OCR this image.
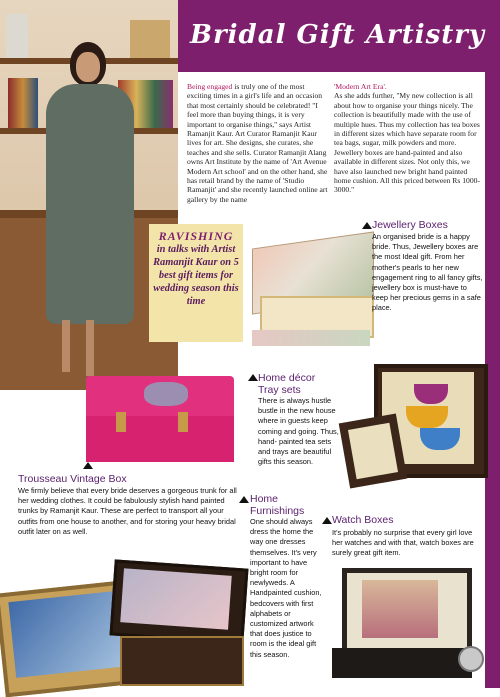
Bridal Gift Artistry
Being engaged is truly one of the most exciting times in a girl's life and an occasion that most certainly should be celebrated! "I feel more than buying things, it is very important to organise things," says Artist Ramanjit Kaur. Art Curator Ramanjit Kaur lives for art. She designs, she curates, she teaches and she sells. Curator Ramanjit Alang owns Art Institute by the name of 'Art Avenue Modern Art school' and on the other hand, she has retail brand by the name of 'Studio Ramanjit' and she recently launched online art gallery by the name
'Modern Art Era'.
As she adds further, "My new collection is all about how to organise your things nicely. The collection is beautifully made with the use of multiple hues. Thus my collection has tea boxes in different sizes which have separate room for tea bags, sugar, milk powders and more. Jewellery boxes are hand-painted and also available in different sizes. Not only this, we have also launched new bright hand painted home cushion. All this priced between Rs 1000- 3000."
RAVISHING
in talks with Artist Ramanjit Kaur on 5 best gift items for wedding season this time
Jewellery Boxes
An organised bride is a happy bride. Thus, Jewellery boxes are the most Ideal gift. From her mother's pearls to her new engagement ring to all fancy gifts, jewellery box is must-have to keep her precious gems in a safe place.
Home décor
Tray sets
There is always hustle bustle in the new house where in guests keep coming and going. Thus, hand- painted tea sets and trays are beautiful gifts this season.
Trousseau Vintage Box
We firmly believe that every bride deserves a gorgeous trunk for all her wedding clothes. It could be fabulously stylish hand painted trunks by Ramanjit Kaur. These are perfect to transport all your outfits from one house to another, and for storing your heavy bridal outfit later on as well.
Home
Furnishings
One should always dress the home the way one dresses themselves. It's very important to have bright room for newlyweds. A Handpainted cushion, bedcovers with first alphabets or customized artwork that does justice to room is the ideal gift this season.
Watch Boxes
It's probably no surprise that every girl love her watches and with that, watch boxes are surely great gift item.
